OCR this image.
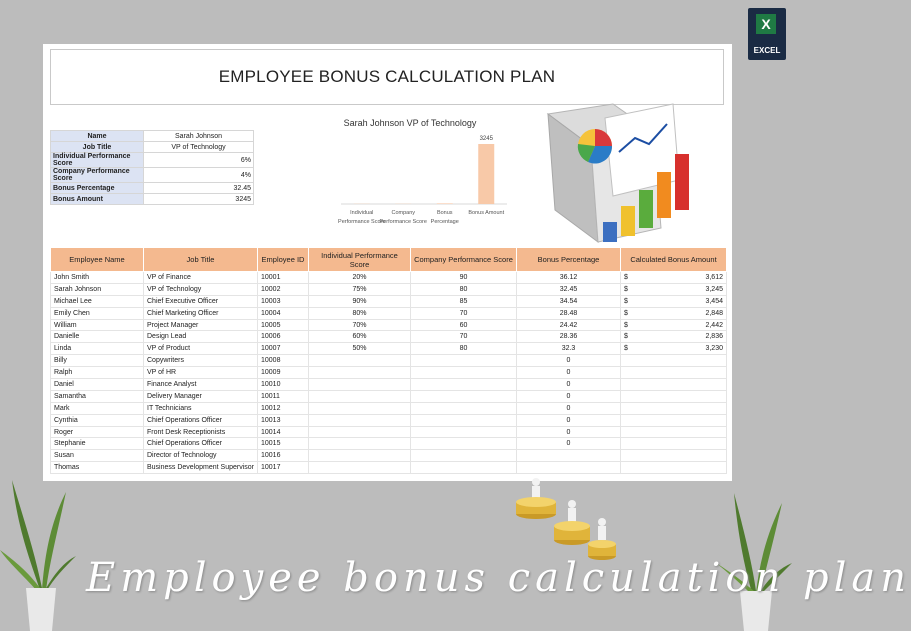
X
EXCEL
EMPLOYEE BONUS CALCULATION PLAN
Name	Sarah Johnson
Job Title	VP of Technology
Individual Performance Score	6%
Company Performance Score	4%
Bonus Percentage	32.45
Bonus Amount	3245
Sarah Johnson VP of Technology
Individual
Performance Score
Company
Performance Score
Bonus
Percentage
3245
Bonus Amount
Employee Name	Job Title	Employee ID	Individual Performance Score	Company Performance Score	Bonus Percentage	Calculated Bonus Amount
John Smith	VP of Finance	10001	20%	90	36.12	$ 3,612

Sarah Johnson	VP of Technology	10002	75%	80	32.45	$ 3,245

Michael Lee	Chief Executive Officer	10003	90%	85	34.54	$ 3,454

Emily Chen	Chief Marketing Officer	10004	80%	70	28.48	$ 2,848

William	Project Manager	10005	70%	60	24.42	$ 2,442

Danielle	Design Lead	10006	60%	70	28.36	$ 2,836

Linda	VP of Product	10007	50%	80	32.3	$ 3,230

Billy	Copywriters	10008			0	
Ralph	VP of HR	10009			0	
Daniel	Finance Analyst	10010			0	
Samantha	Delivery Manager	10011			0	
Mark	IT Technicians	10012			0	
Cynthia	Chief Operations Officer	10013			0	
Roger	Front Desk Receptionists	10014			0	
Stephanie	Chief Operations Officer	10015			0	
Susan	Director of Technology	10016				
Thomas	Business Development Supervisor	10017				
Employee bonus calculation plan
